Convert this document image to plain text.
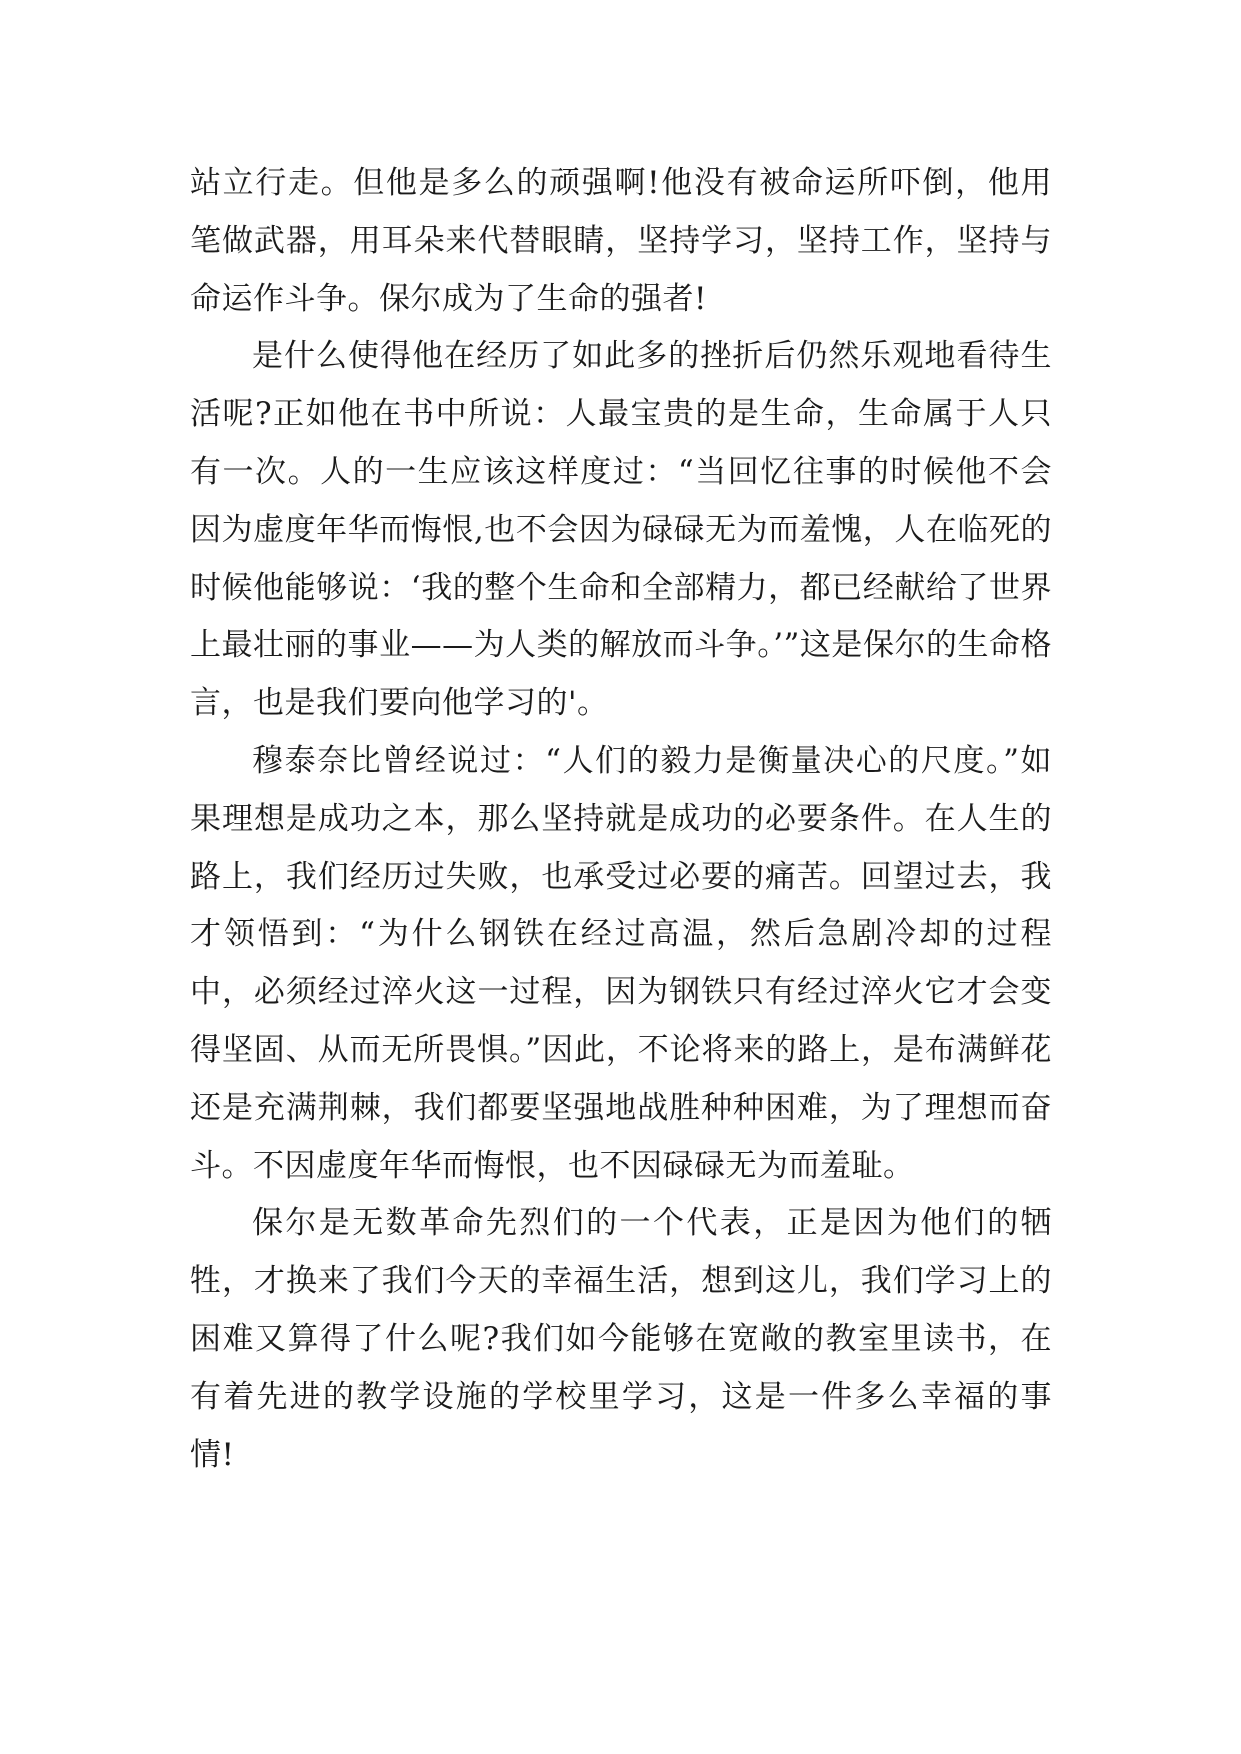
站立行走。但他是多么的顽强啊!他没有被命运所吓倒，他用笔做武器，用耳朵来代替眼睛，坚持学习，坚持工作，坚持与命运作斗争。保尔成为了生命的强者!

是什么使得他在经历了如此多的挫折后仍然乐观地看待生活呢?正如他在书中所说：人最宝贵的是生命，生命属于人只有一次。人的一生应该这样度过：“当回忆往事的时候他不会因为虚度年华而悔恨,也不会因为碌碌无为而羞愧，人在临死的时候他能够说：‘我的整个生命和全部精力，都已经献给了世界上最壮丽的事业——为人类的解放而斗争。’”这是保尔的生命格言，也是我们要向他学习的'。

穆泰奈比曾经说过：“人们的毅力是衡量决心的尺度。”如果理想是成功之本，那么坚持就是成功的必要条件。在人生的路上，我们经历过失败，也承受过必要的痛苦。回望过去，我才领悟到：“为什么钢铁在经过高温，然后急剧冷却的过程中，必须经过淬火这一过程，因为钢铁只有经过淬火它才会变得坚固、从而无所畏惧。”因此，不论将来的路上，是布满鲜花还是充满荆棘，我们都要坚强地战胜种种困难，为了理想而奋斗。不因虚度年华而悔恨，也不因碌碌无为而羞耻。

保尔是无数革命先烈们的一个代表，正是因为他们的牺牲，才换来了我们今天的幸福生活，想到这儿，我们学习上的困难又算得了什么呢?我们如今能够在宽敞的教室里读书，在有着先进的教学设施的学校里学习，这是一件多么幸福的事情!
